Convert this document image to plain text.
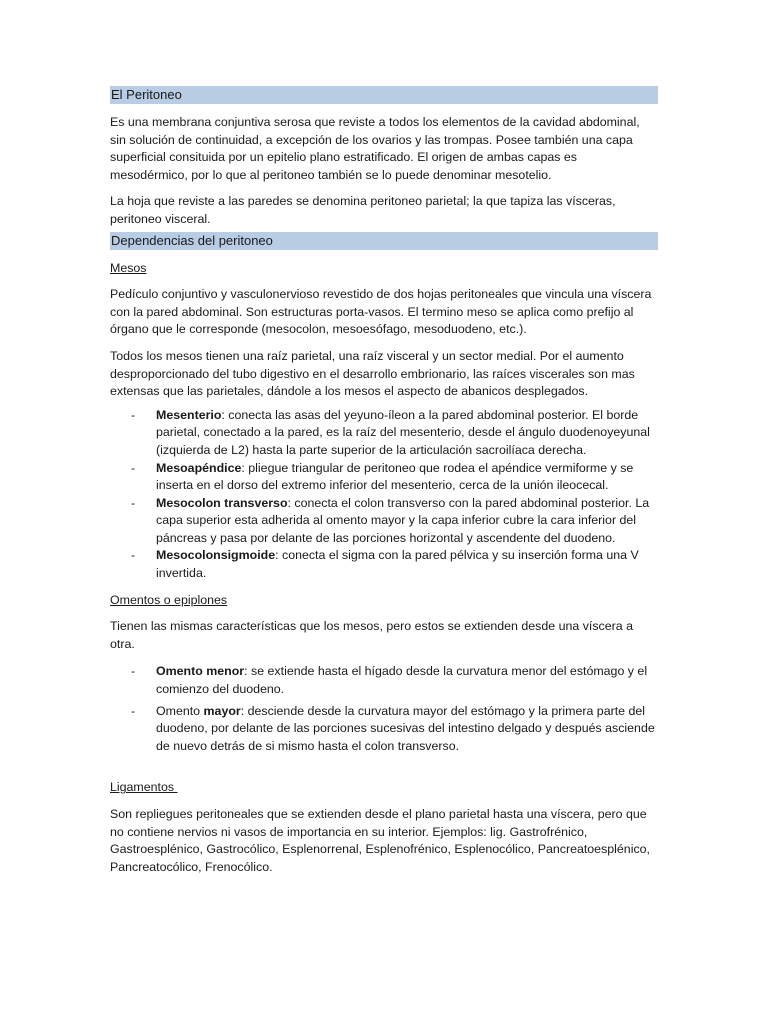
El Peritoneo

Es una membrana conjuntiva serosa que reviste a todos los elementos de la cavidad abdominal, sin solución de continuidad, a excepción de los ovarios y las trompas. Posee también una capa superficial consituida por un epitelio plano estratificado. El origen de ambas capas es mesodérmico, por lo que al peritoneo también se lo puede denominar mesotelio.

La hoja que reviste a las paredes se denomina peritoneo parietal; la que tapiza las vísceras, peritoneo visceral.

Dependencias del peritoneo
Mesos

Pedículo conjuntivo y vasculonervioso revestido de dos hojas peritoneales que vincula una víscera con la pared abdominal. Son estructuras porta-vasos. El termino meso se aplica como prefijo al órgano que le corresponde (mesocolon, mesoesófago, mesoduodeno, etc.).

Todos los mesos tienen una raíz parietal, una raíz visceral y un sector medial. Por el aumento desproporcionado del tubo digestivo en el desarrollo embrionario, las raíces viscerales son mas extensas que las parietales, dándole a los mesos el aspecto de abanicos desplegados.

- Mesenterio: conecta las asas del yeyuno-íleon a la pared abdominal posterior. El borde parietal, conectado a la pared, es la raíz del mesenterio, desde el ángulo duodenoyeyunal (izquierda de L2) hasta la parte superior de la articulación sacroilíaca derecha.
- Mesoapéndice: pliegue triangular de peritoneo que rodea el apéndice vermiforme y se inserta en el dorso del extremo inferior del mesenterio, cerca de la unión ileocecal.
- Mesocolon transverso: conecta el colon transverso con la pared abdominal posterior. La capa superior esta adherida al omento mayor y la capa inferior cubre la cara inferior del páncreas y pasa por delante de las porciones horizontal y ascendente del duodeno.
- Mesocolonsigmoide: conecta el sigma con la pared pélvica y su inserción forma una V invertida.
Omentos o epiplones

Tienen las mismas características que los mesos, pero estos se extienden desde una víscera a otra.

- Omento menor: se extiende hasta el hígado desde la curvatura menor del estómago y el comienzo del duodeno.
- Omento mayor: desciende desde la curvatura mayor del estómago y la primera parte del duodeno, por delante de las porciones sucesivas del intestino delgado y después asciende de nuevo detrás de si mismo hasta el colon transverso.
Ligamentos

Son repliegues peritoneales que se extienden desde el plano parietal hasta una víscera, pero que no contiene nervios ni vasos de importancia en su interior. Ejemplos: lig. Gastrofrénico, Gastroesplénico, Gastrocólico, Esplenorrenal, Esplenofrénico, Esplenocólico, Pancreatoesplénico, Pancreatocólico, Frenocólico.
